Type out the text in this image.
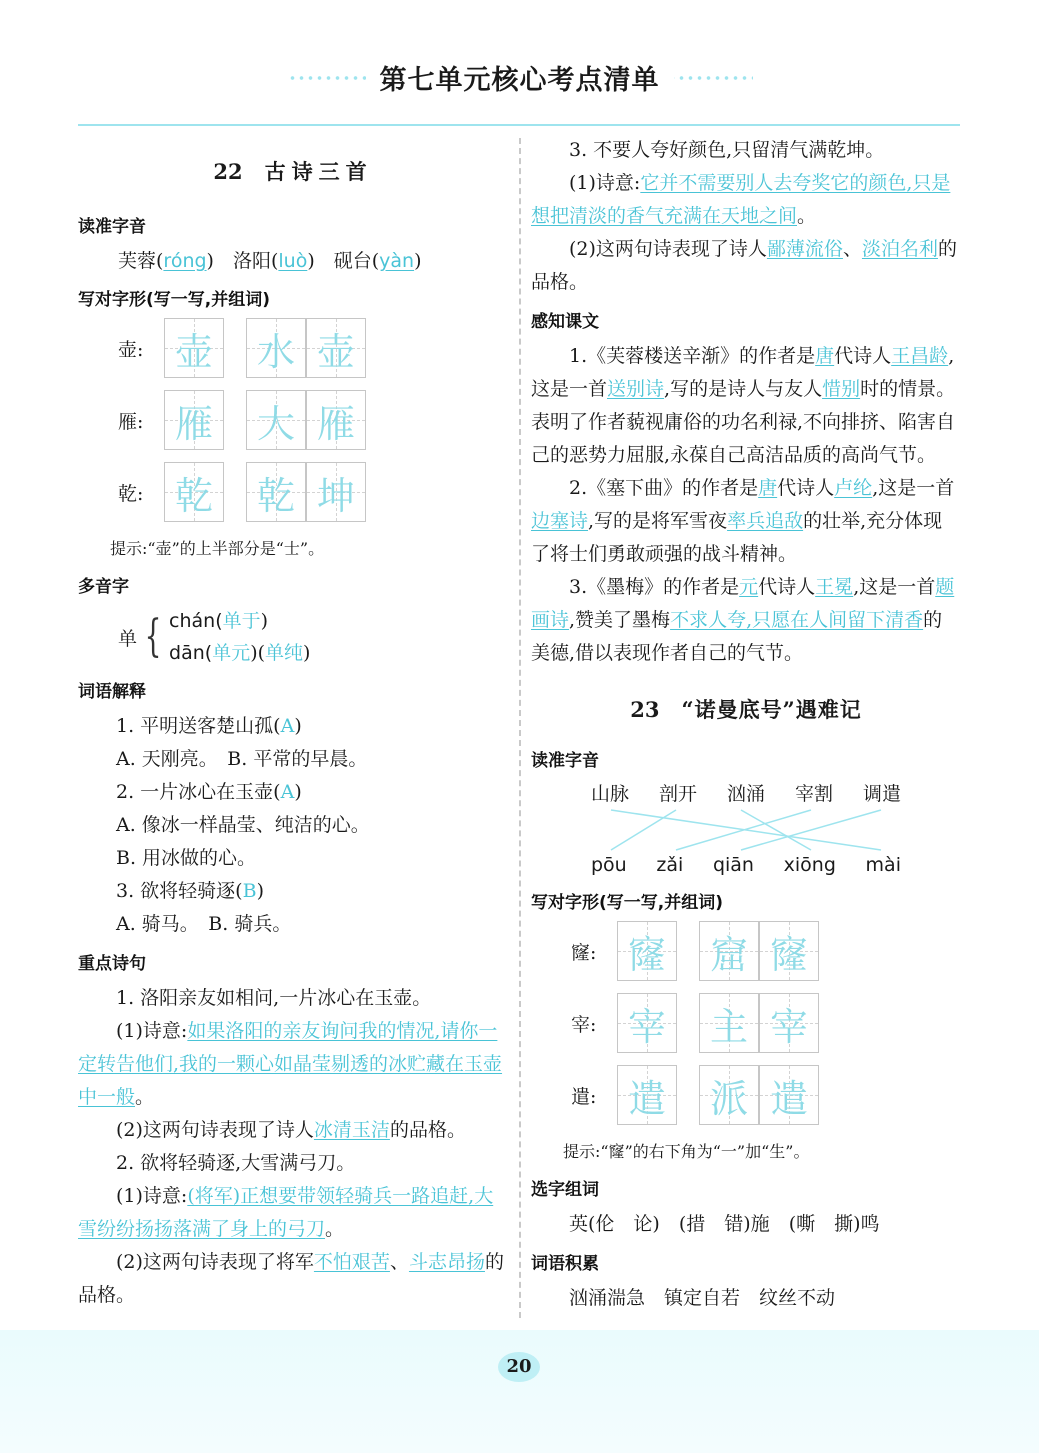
第七单元核心考点清单
22 古诗三首
读准字音
芙蓉(róng)　洛阳(luò)　砚台(yàn)
写对字形(写一写,并组词)
壶: 壶 水 壶
雁: 雁 大 雁
乾: 乾 乾 坤
提示:“壶”的上半部分是“士”。
多音字
单 { chán(单于)
dān(单元)(单纯)
词语解释
1. 平明送客楚山孤(A)
A. 天刚亮。　B. 平常的早晨。
2. 一片冰心在玉壶(A)
A. 像冰一样晶莹、纯洁的心。
B. 用冰做的心。
3. 欲将轻骑逐(B)
A. 骑马。　B. 骑兵。
重点诗句
1. 洛阳亲友如相问,一片冰心在玉壶。
(1)诗意:如果洛阳的亲友询问我的情况,请你一定转告他们,我的一颗心如晶莹剔透的冰贮藏在玉壶中一般。
(2)这两句诗表现了诗人冰清玉洁的品格。
2. 欲将轻骑逐,大雪满弓刀。
(1)诗意:(将军)正想要带领轻骑兵一路追赶,大雪纷纷扬扬落满了身上的弓刀。
(2)这两句诗表现了将军不怕艰苦、斗志昂扬的品格。
3. 不要人夸好颜色,只留清气满乾坤。
(1)诗意:它并不需要别人去夸奖它的颜色,只是想把清淡的香气充满在天地之间。
(2)这两句诗表现了诗人鄙薄流俗、淡泊名利的品格。
感知课文
1.《芙蓉楼送辛渐》的作者是唐代诗人王昌龄,这是一首送别诗,写的是诗人与友人惜别时的情景。表明了作者藐视庸俗的功名利禄,不向排挤、陷害自己的恶势力屈服,永葆自己高洁品质的高尚气节。
2.《塞下曲》的作者是唐代诗人卢纶,这是一首边塞诗,写的是将军雪夜率兵追敌的壮举,充分体现了将士们勇敢顽强的战斗精神。
3.《墨梅》的作者是元代诗人王冕,这是一首题画诗,赞美了墨梅不求人夸,只愿在人间留下清香的美德,借以表现作者自己的气节。
23 “诺曼底号”遇难记
读准字音
山脉 剖开 汹涌 宰割 调遣
pōu zǎi qiān xiōng mài
写对字形(写一写,并组词)
窿: 窿 窟 窿
宰: 宰 主 宰
遣: 遣 派 遣
提示:“窿”的右下角为“一”加“生”。
选字组词
英(伦　论)　 (措　错)施　 (嘶　撕)鸣
词语积累
汹涌湍急　镇定自若　纹丝不动
20
